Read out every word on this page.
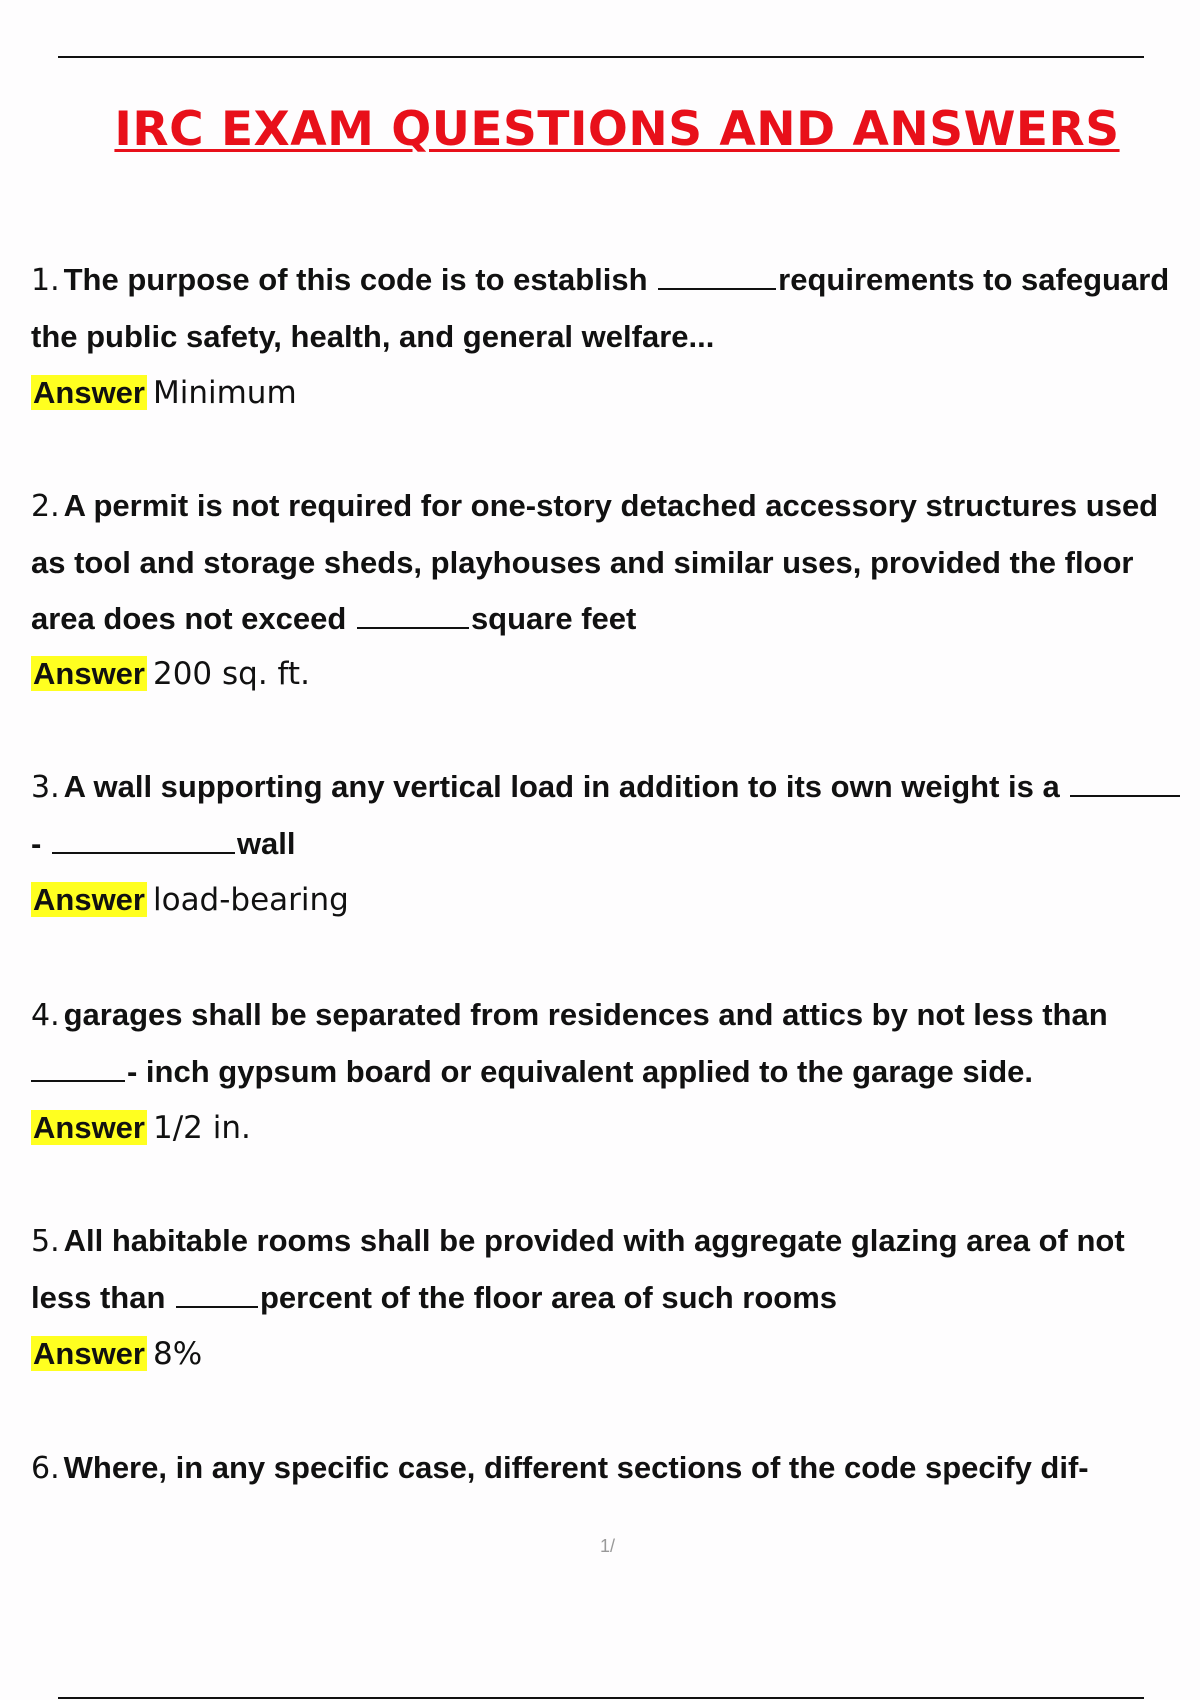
IRC EXAM QUESTIONS AND ANSWERS
1. The purpose of this code is to establish	requirements to safeguard
the public safety, health, and general welfare...
Answer Minimum
2. A permit is not required for one-story detached accessory structures used
as tool and storage sheds, playhouses and similar uses, provided the floor
area does not exceed	square feet
Answer 200 sq. ft.
3. A wall supporting any vertical load in addition to its own weight is a
-	wall
Answer load-bearing
4. garages shall be separated from residences and attics by not less than
- inch gypsum board or equivalent applied to the garage side.
Answer 1/2 in.
5. All habitable rooms shall be provided with aggregate glazing area of not
less than	percent of the floor area of such rooms
Answer 8%
6. Where, in any specific case, different sections of the code specify dif-
1/
